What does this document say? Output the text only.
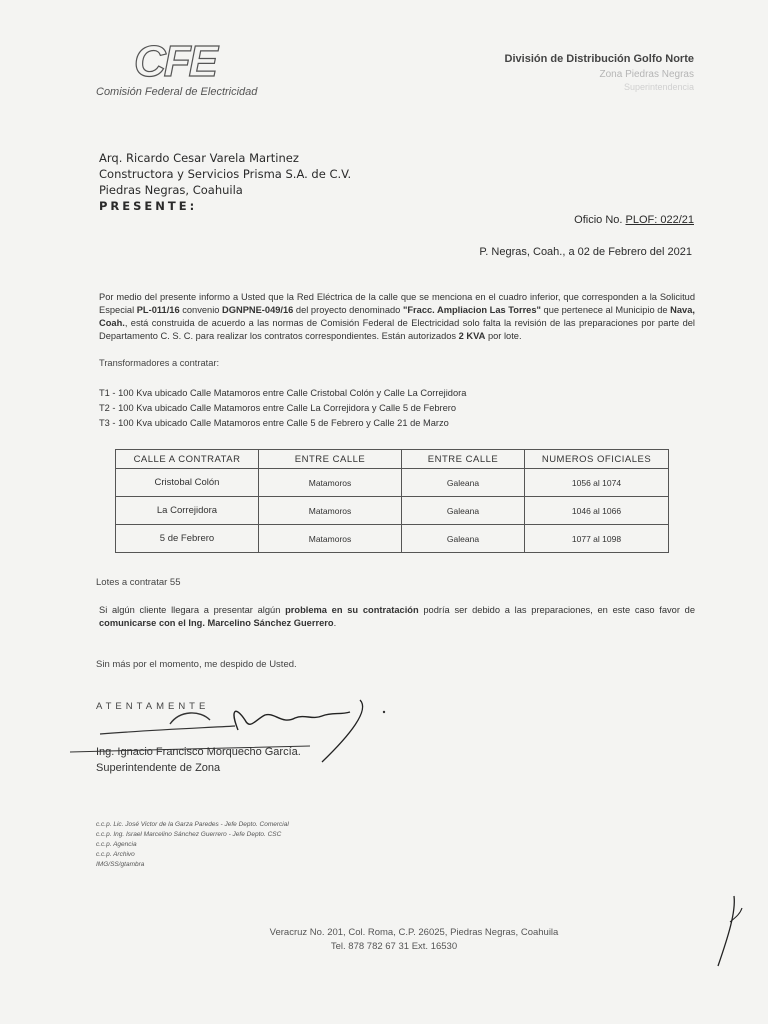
CFE
Comisión Federal de Electricidad
División de Distribución Golfo Norte
Zona Piedras Negras
Superintendencia
Arq. Ricardo Cesar Varela Martinez
Constructora y Servicios Prisma S.A. de C.V.
Piedras Negras, Coahuila
PRESENTE:
Oficio No. PLOF: 022/21
P. Negras, Coah., a 02 de Febrero del 2021
Por medio del presente informo a Usted que la Red Eléctrica de la calle que se menciona en el cuadro inferior, que corresponden a la Solicitud Especial PL-011/16 convenio DGNPNE-049/16 del proyecto denominado "Fracc. Ampliacion Las Torres" que pertenece al Municipio de Nava, Coah., está construida de acuerdo a las normas de Comisión Federal de Electricidad solo falta la revisión de las preparaciones por parte del Departamento C. S. C. para realizar los contratos correspondientes. Están autorizados 2 KVA por lote.
Transformadores a contratar:
T1 - 100 Kva ubicado Calle Matamoros entre Calle Cristobal Colón y Calle La Correjidora
T2 - 100 Kva ubicado Calle Matamoros entre Calle La Correjidora y Calle 5 de Febrero
T3 - 100 Kva ubicado Calle Matamoros entre Calle 5 de Febrero y Calle 21 de Marzo
CALLE A CONTRATAR	ENTRE CALLE	ENTRE CALLE	NUMEROS OFICIALES
Cristobal Colón	Matamoros	Galeana	1056 al 1074
La Correjidora	Matamoros	Galeana	1046 al 1066
5 de Febrero	Matamoros	Galeana	1077 al 1098
Lotes a contratar 55
Si algún cliente llegara a presentar algún problema en su contratación podría ser debido a las preparaciones, en este caso favor de comunicarse con el Ing. Marcelino Sánchez Guerrero.
Sin más por el momento, me despido de Usted.
ATENTAMENTE
Ing. Ignacio Francisco Morquecho García.
Superintendente de Zona
c.c.p. Lic. José Victor de la Garza Paredes - Jefe Depto. Comercial
c.c.p. Ing. Israel Marcelino Sánchez Guerrero - Jefe Depto. CSC
c.c.p. Agencia
c.c.p. Archivo
IMG/SS/gtambra
Veracruz No. 201, Col. Roma, C.P. 26025, Piedras Negras, Coahuila
Tel. 878 782 67 31 Ext. 16530
